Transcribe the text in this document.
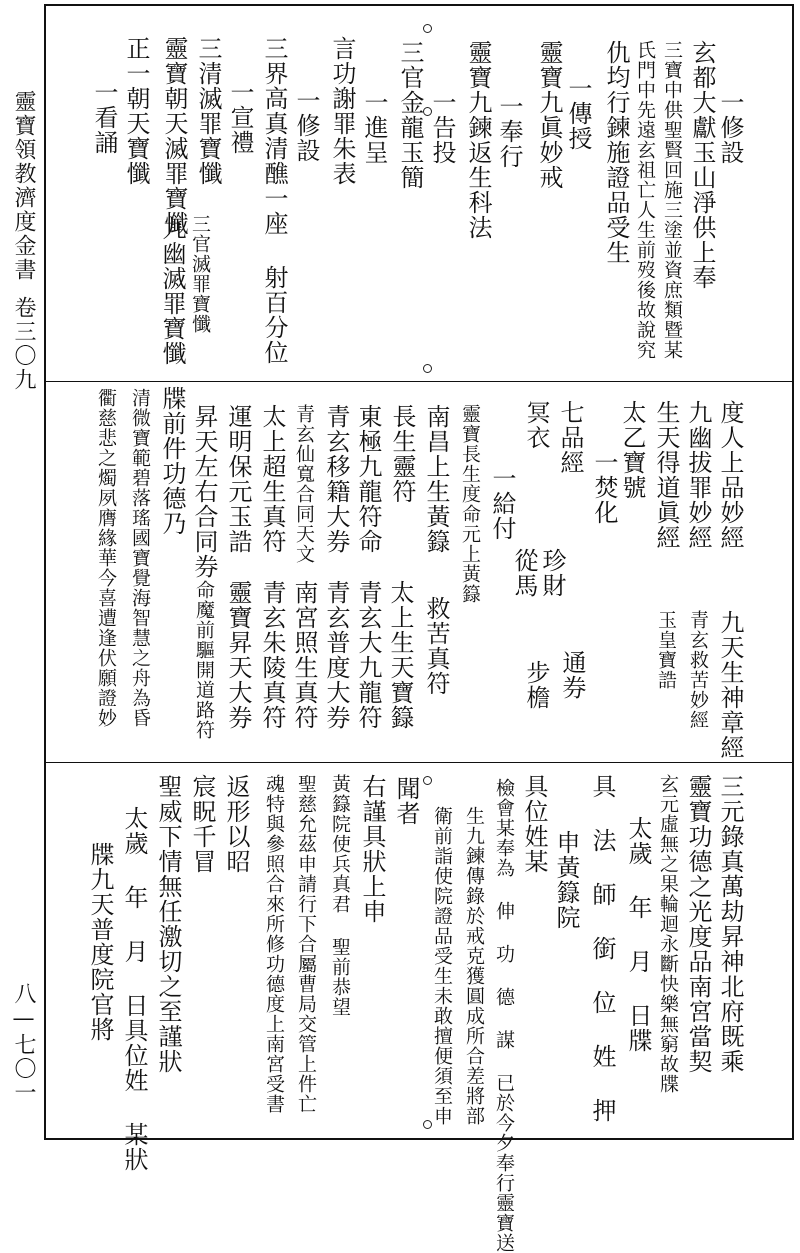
靈寶領教濟度金書
卷三〇九
八—七〇一
一修設
玄都大獻玉山淨供上奉
三寶中供聖賢回施三塗並資庶類暨某
氏門中先遠玄祖亡人生前歿後故說究
仇均行鍊施證品受生
一傳授
靈寶九眞妙戒
一奉行
靈寶九鍊返生科法
一告投
三官金龍玉簡
一進呈
言功謝罪朱表
一修設
三界高真清醮一座 射百分位
一宣禮
三清滅罪寶懺
三官滅罪寶懺
靈寶朝天滅罪寶懺
九幽滅罪寶懺
正一朝天寶懺
一看誦
度人上品妙經
九天生神章經
九幽拔罪妙經
青玄救苦妙經
生天得道眞經
玉皇寶誥
太乙寶號
一焚化
七品經
通券
冥衣
珍財
從馬
步檐
一給付
靈寶長生度命元上黃籙
南昌上生黃籙
救苦真符
長生靈符
太上生天寶籙
東極九龍符命
青玄大九龍符
青玄移籍大券
青玄普度大券
青玄仙寬合同天文
南宮照生真符
太上超生真符
青玄朱陵真符
運明保元玉誥
靈寶昇天大券
昇天左右合同券
命魔前驅開道路符
牒前件功德乃
清微寶範碧落瑤國寶覺海智慧之舟為昏
衢慈悲之燭夙膺緣華今喜遭逢伏願證妙
三元錄真萬劫昇神北府既乘
靈寶功德之光度品南宮當契
玄元虛無之果輪迴永斷快樂無窮故牒
太歲 年 月 日牒
具 法 師 銜 位 姓 押
申黃籙院
具位姓某
檢會某奉為 伸 功 德 謀 已於今夕奉行靈寶送
生九鍊傳錄於戒克獲圓成所合差將部
衛前詣使院證品受生未敢擅便須至申
聞者
右謹具狀上申
黃籙院使兵真君 聖前恭望
聖慈允茲申請行下合屬曹局交管上件亡
魂特與參照合來所修功德度上南宮受書
返形以昭
宸眖千冒
聖威下情無任激切之至謹狀
太歲 年 月 日具位姓 某狀
牒九天普度院官將
